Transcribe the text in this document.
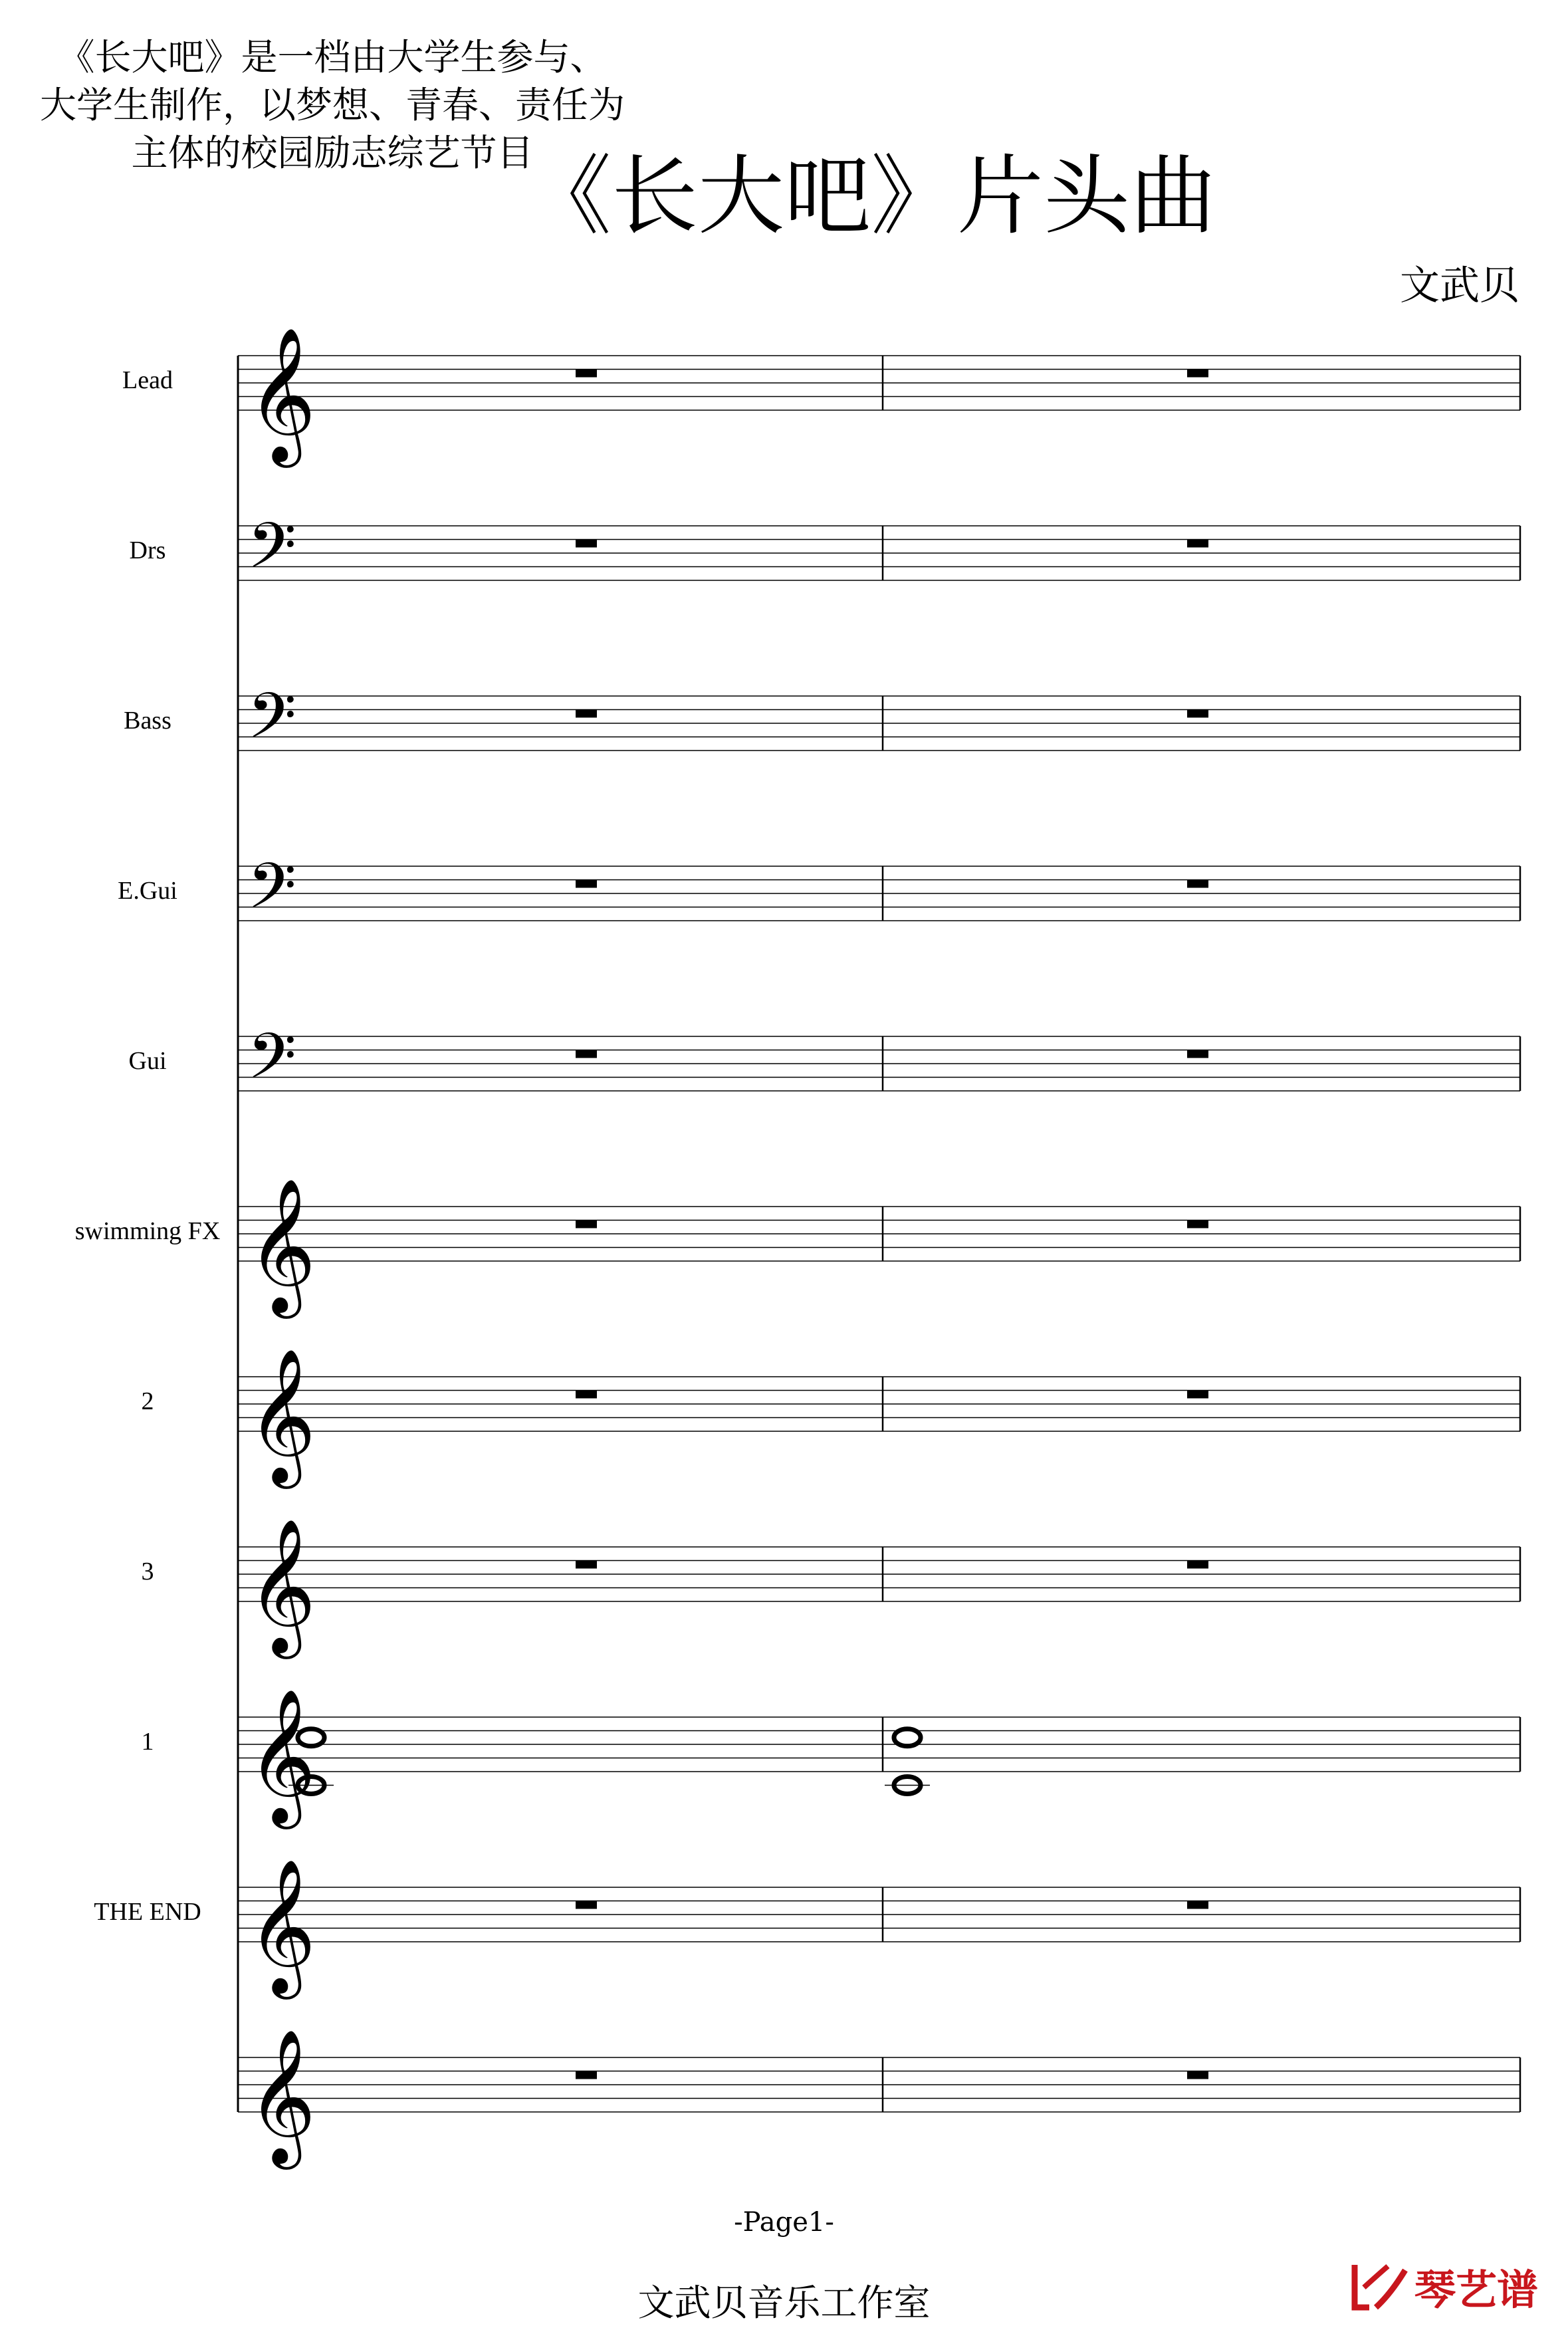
《长大吧》是一档由大学生参与、
大学生制作，以梦想、青春、责任为
主体的校园励志综艺节目
《长大吧》片头曲
文武贝
Lead 𝄞
Drs 𝄢
Bass 𝄢
E.Gui 𝄢
Gui 𝄢
swimming FX 𝄞
2 𝄞
3 𝄞
1 𝄞
THE END 𝄞
𝄞
-Page1-
文武贝音乐工作室	琴艺谱
